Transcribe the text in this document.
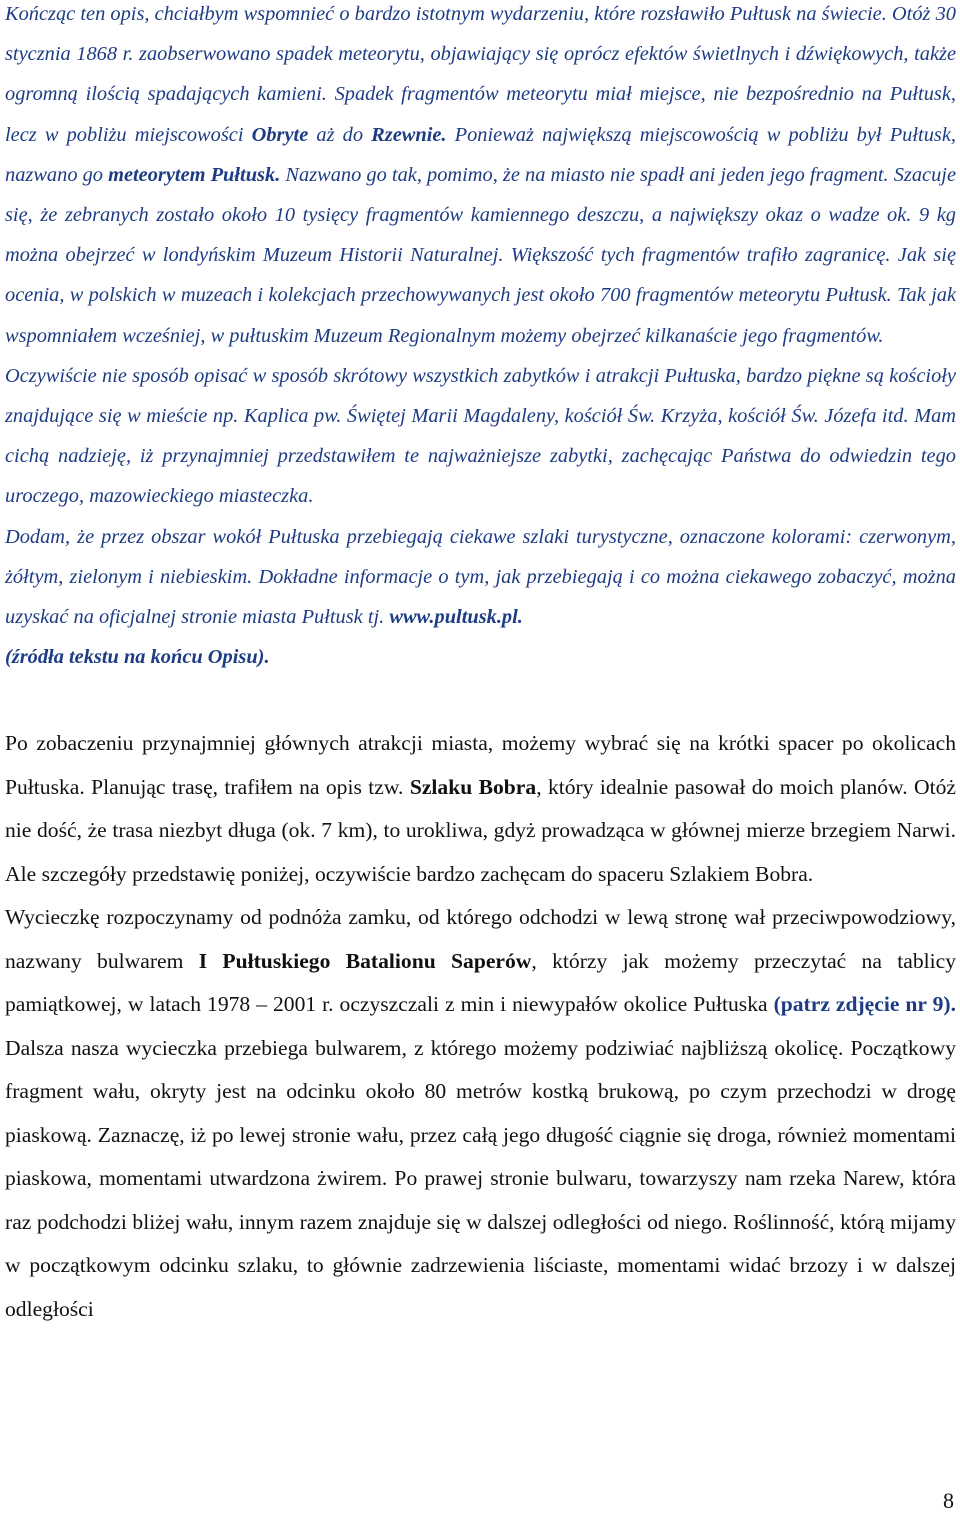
Kończąc ten opis, chciałbym wspomnieć o bardzo istotnym wydarzeniu, które rozsławiło Pułtusk na świecie. Otóż 30 stycznia 1868 r. zaobserwowano spadek meteorytu, objawiający się oprócz efektów świetlnych i dźwiękowych, także ogromną ilością spadających kamieni. Spadek fragmentów meteorytu miał miejsce, nie bezpośrednio na Pułtusk, lecz w pobliżu miejscowości Obryte aż do Rzewnie. Ponieważ największą miejscowością w pobliżu był Pułtusk, nazwano go meteorytem Pułtusk. Nazwano go tak, pomimo, że na miasto nie spadł ani jeden jego fragment. Szacuje się, że zebranych zostało około 10 tysięcy fragmentów kamiennego deszczu, a największy okaz o wadze ok. 9 kg można obejrzeć w londyńskim Muzeum Historii Naturalnej. Większość tych fragmentów trafiło zagranicę. Jak się ocenia, w polskich w muzeach i kolekcjach przechowywanych jest około 700 fragmentów meteorytu Pułtusk. Tak jak wspomniałem wcześniej, w pułtuskim Muzeum Regionalnym możemy obejrzeć kilkanaście jego fragmentów.

Oczywiście nie sposób opisać w sposób skrótowy wszystkich zabytków i atrakcji Pułtuska, bardzo piękne są kościoły znajdujące się w mieście np. Kaplica pw. Świętej Marii Magdaleny, kościół Św. Krzyża, kościół Św. Józefa itd. Mam cichą nadzieję, iż przynajmniej przedstawiłem te najważniejsze zabytki, zachęcając Państwa do odwiedzin tego uroczego, mazowieckiego miasteczka.

Dodam, że przez obszar wokół Pułtuska przebiegają ciekawe szlaki turystyczne, oznaczone kolorami: czerwonym, żółtym, zielonym i niebieskim. Dokładne informacje o tym, jak przebiegają i co można ciekawego zobaczyć, można uzyskać na oficjalnej stronie miasta Pułtusk tj. www.pultusk.pl.
(źródła tekstu na końcu Opisu).

Po zobaczeniu przynajmniej głównych atrakcji miasta, możemy wybrać się na krótki spacer po okolicach Pułtuska. Planując trasę, trafiłem na opis tzw. Szlaku Bobra, który idealnie pasował do moich planów. Otóż nie dość, że trasa niezbyt długa (ok. 7 km), to urokliwa, gdyż prowadząca w głównej mierze brzegiem Narwi. Ale szczegóły przedstawię poniżej, oczywiście bardzo zachęcam do spaceru Szlakiem Bobra.

Wycieczkę rozpoczynamy od podnóża zamku, od którego odchodzi w lewą stronę wał przeciwpowodziowy, nazwany bulwarem I Pułtuskiego Batalionu Saperów, którzy jak możemy przeczytać na tablicy pamiątkowej, w latach 1978 – 2001 r. oczyszczali z min i niewypałów okolice Pułtuska (patrz zdjęcie nr 9). Dalsza nasza wycieczka przebiega bulwarem, z którego możemy podziwiać najbliższą okolicę. Początkowy fragment wału, okryty jest na odcinku około 80 metrów kostką brukową, po czym przechodzi w drogę piaskową. Zaznaczę, iż po lewej stronie wału, przez całą jego długość ciągnie się droga, również momentami piaskowa, momentami utwardzona żwirem. Po prawej stronie bulwaru, towarzyszy nam rzeka Narew, która raz podchodzi bliżej wału, innym razem znajduje się w dalszej odległości od niego. Roślinność, którą mijamy w początkowym odcinku szlaku, to głównie zadrzewienia liściaste, momentami widać brzozy i w dalszej odległości

8
